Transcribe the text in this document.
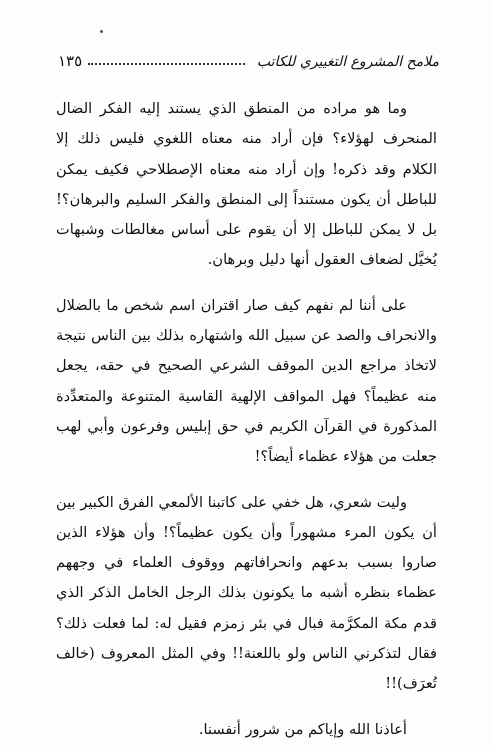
ملامح المشروع التغييري للكاتب
١٣٥

وما هو مراده من المنطق الذي يستند إليه الفكر الضال المنحرف لهؤلاء؟ فإن أراد منه معناه اللغوي فليس ذلك إلا الكلام وقد ذكره! وإن أراد منه معناه الإصطلاحي فكيف يمكن للباطل أن يكون مستنداً إلى المنطق والفكر السليم والبرهان؟! بل لا يمكن للباطل إلا أن يقوم على أساس مغالطات وشبهات يُخيَّل لضعاف العقول أنها دليل وبرهان.

على أننا لم نفهم كيف صار اقتران اسم شخص ما بالضلال والانحراف والصد عن سبيل الله واشتهاره بذلك بين الناس نتيجة لاتخاذ مراجع الدين الموقف الشرعي الصحيح في حقه، يجعل منه عظيماً؟ فهل المواقف الإلهية القاسية المتنوعة والمتعدِّدة المذكورة في القرآن الكريم في حق إبليس وفرعون وأبي لهب جعلت من هؤلاء عظماء أيضاً؟!

وليت شعري، هل خفي على كاتبنا الألمعي الفرق الكبير بين أن يكون المرء مشهوراً وأن يكون عظيماً؟! وأن هؤلاء الذين صاروا بسبب بدعهم وانحرافاتهم ووقوف العلماء في وجههم عظماء بنظره أشبه ما يكونون بذلك الرجل الخامل الذكر الذي قدم مكة المكرَّمة فبال في بئر زمزم فقيل له: لما فعلت ذلك؟ فقال لتذكرني الناس ولو باللعنة!! وفي المثل المعروف (خالف تُعرَف)!!

أعاذنا الله وإياكم من شرور أنفسنا.
